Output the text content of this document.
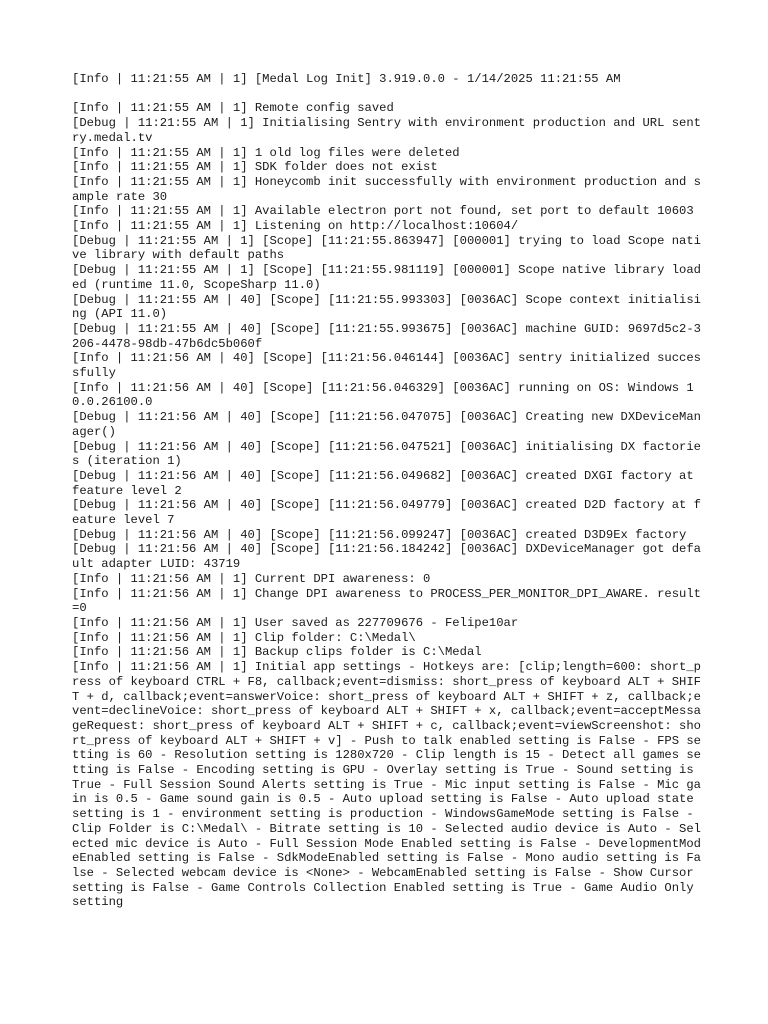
[Info | 11:21:55 AM | 1] [Medal Log Init] 3.919.0.0 - 1/14/2025 11:21:55 AM
[Info | 11:21:55 AM | 1] Remote config saved
[Debug | 11:21:55 AM | 1] Initialising Sentry with environment production and URL sentry.medal.tv
[Info | 11:21:55 AM | 1] 1 old log files were deleted
[Info | 11:21:55 AM | 1] SDK folder does not exist
[Info | 11:21:55 AM | 1] Honeycomb init successfully with environment production and sample rate 30
[Info | 11:21:55 AM | 1] Available electron port not found, set port to default 10603
[Info | 11:21:55 AM | 1] Listening on http://localhost:10604/
[Debug | 11:21:55 AM | 1] [Scope] [11:21:55.863947] [000001] trying to load Scope native library with default paths
[Debug | 11:21:55 AM | 1] [Scope] [11:21:55.981119] [000001] Scope native library loaded (runtime 11.0, ScopeSharp 11.0)
[Debug | 11:21:55 AM | 40] [Scope] [11:21:55.993303] [0036AC] Scope context initialising (API 11.0)
[Debug | 11:21:55 AM | 40] [Scope] [11:21:55.993675] [0036AC] machine GUID: 9697d5c2-3206-4478-98db-47b6dc5b060f
[Info | 11:21:56 AM | 40] [Scope] [11:21:56.046144] [0036AC] sentry initialized successfully
[Info | 11:21:56 AM | 40] [Scope] [11:21:56.046329] [0036AC] running on OS: Windows 10.0.26100.0
[Debug | 11:21:56 AM | 40] [Scope] [11:21:56.047075] [0036AC] Creating new DXDeviceManager()
[Debug | 11:21:56 AM | 40] [Scope] [11:21:56.047521] [0036AC] initialising DX factories (iteration 1)
[Debug | 11:21:56 AM | 40] [Scope] [11:21:56.049682] [0036AC] created DXGI factory at feature level 2
[Debug | 11:21:56 AM | 40] [Scope] [11:21:56.049779] [0036AC] created D2D factory at feature level 7
[Debug | 11:21:56 AM | 40] [Scope] [11:21:56.099247] [0036AC] created D3D9Ex factory
[Debug | 11:21:56 AM | 40] [Scope] [11:21:56.184242] [0036AC] DXDeviceManager got default adapter LUID: 43719
[Info | 11:21:56 AM | 1] Current DPI awareness: 0
[Info | 11:21:56 AM | 1] Change DPI awareness to PROCESS_PER_MONITOR_DPI_AWARE. result=0
[Info | 11:21:56 AM | 1] User saved as 227709676 - Felipe10ar
[Info | 11:21:56 AM | 1] Clip folder: C:\Medal\
[Info | 11:21:56 AM | 1] Backup clips folder is C:\Medal
[Info | 11:21:56 AM | 1] Initial app settings - Hotkeys are: [clip;length=600: short_press of keyboard CTRL + F8, callback;event=dismiss: short_press of keyboard ALT + SHIFT + d, callback;event=answerVoice: short_press of keyboard ALT + SHIFT + z, callback;event=declineVoice: short_press of keyboard ALT + SHIFT + x, callback;event=acceptMessageRequest: short_press of keyboard ALT + SHIFT + c, callback;event=viewScreenshot: short_press of keyboard ALT + SHIFT + v] - Push to talk enabled setting is False - FPS setting is 60 - Resolution setting is 1280x720 - Clip length is 15 - Detect all games setting is False - Encoding setting is GPU - Overlay setting is True - Sound setting is True - Full Session Sound Alerts setting is True - Mic input setting is False - Mic gain is 0.5 - Game sound gain is 0.5 - Auto upload setting is False - Auto upload state setting is 1 - environment setting is production - WindowsGameMode setting is False - Clip Folder is C:\Medal\ - Bitrate setting is 10 - Selected audio device is Auto - Selected mic device is Auto - Full Session Mode Enabled setting is False - DevelopmentModeEnabled setting is False - SdkModeEnabled setting is False - Mono audio setting is False - Selected webcam device is <None> - WebcamEnabled setting is False - Show Cursor setting is False - Game Controls Collection Enabled setting is True - Game Audio Only setting
